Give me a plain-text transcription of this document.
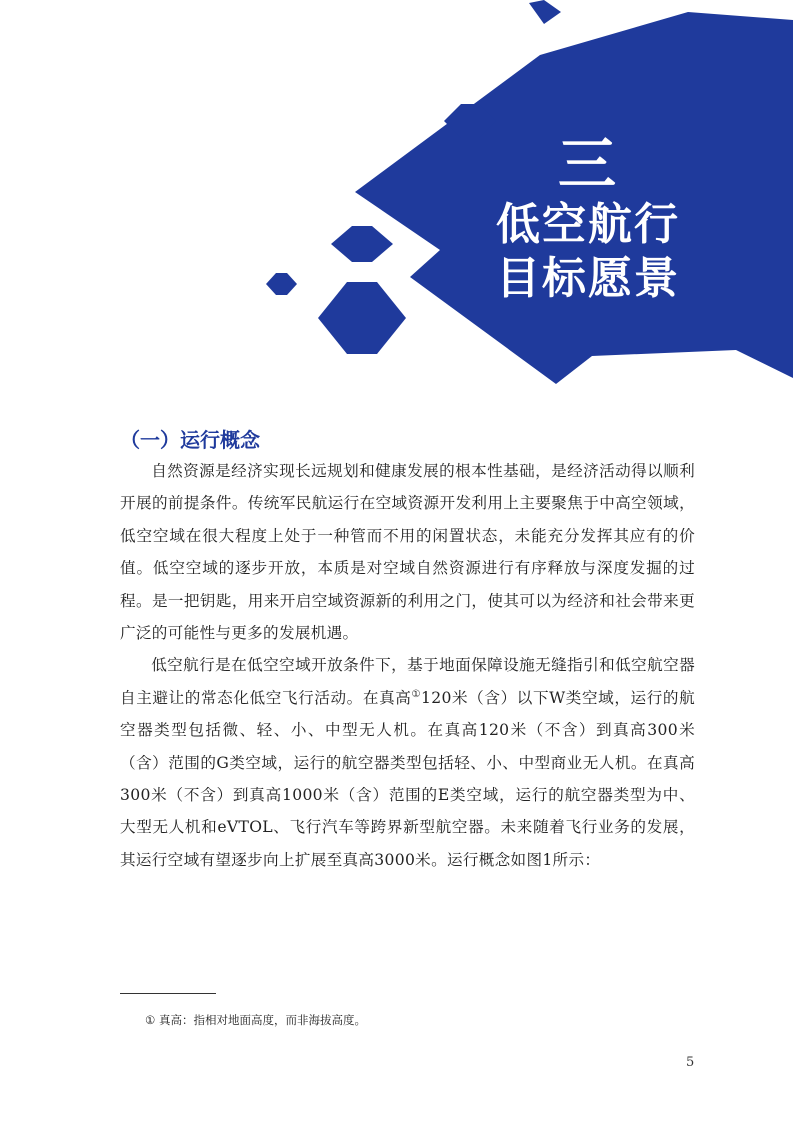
三
低空航行
目标愿景
（一）运行概念

自然资源是经济实现长远规划和健康发展的根本性基础，是经济活动得以顺利开展的前提条件。传统军民航运行在空域资源开发利用上主要聚焦于中高空领域，低空空域在很大程度上处于一种管而不用的闲置状态，未能充分发挥其应有的价值。低空空域的逐步开放，本质是对空域自然资源进行有序释放与深度发掘的过程。是一把钥匙，用来开启空域资源新的利用之门，使其可以为经济和社会带来更广泛的可能性与更多的发展机遇。

低空航行是在低空空域开放条件下，基于地面保障设施无缝指引和低空航空器自主避让的常态化低空飞行活动。在真高①120米（含）以下W类空域，运行的航空器类型包括微、轻、小、中型无人机。在真高120米（不含）到真高300米（含）范围的G类空域，运行的航空器类型包括轻、小、中型商业无人机。在真高300米（不含）到真高1000米（含）范围的E类空域，运行的航空器类型为中、大型无人机和eVTOL、飞行汽车等跨界新型航空器。未来随着飞行业务的发展，其运行空域有望逐步向上扩展至真高3000米。运行概念如图1所示：

① 真高：指相对地面高度，而非海拔高度。
5
